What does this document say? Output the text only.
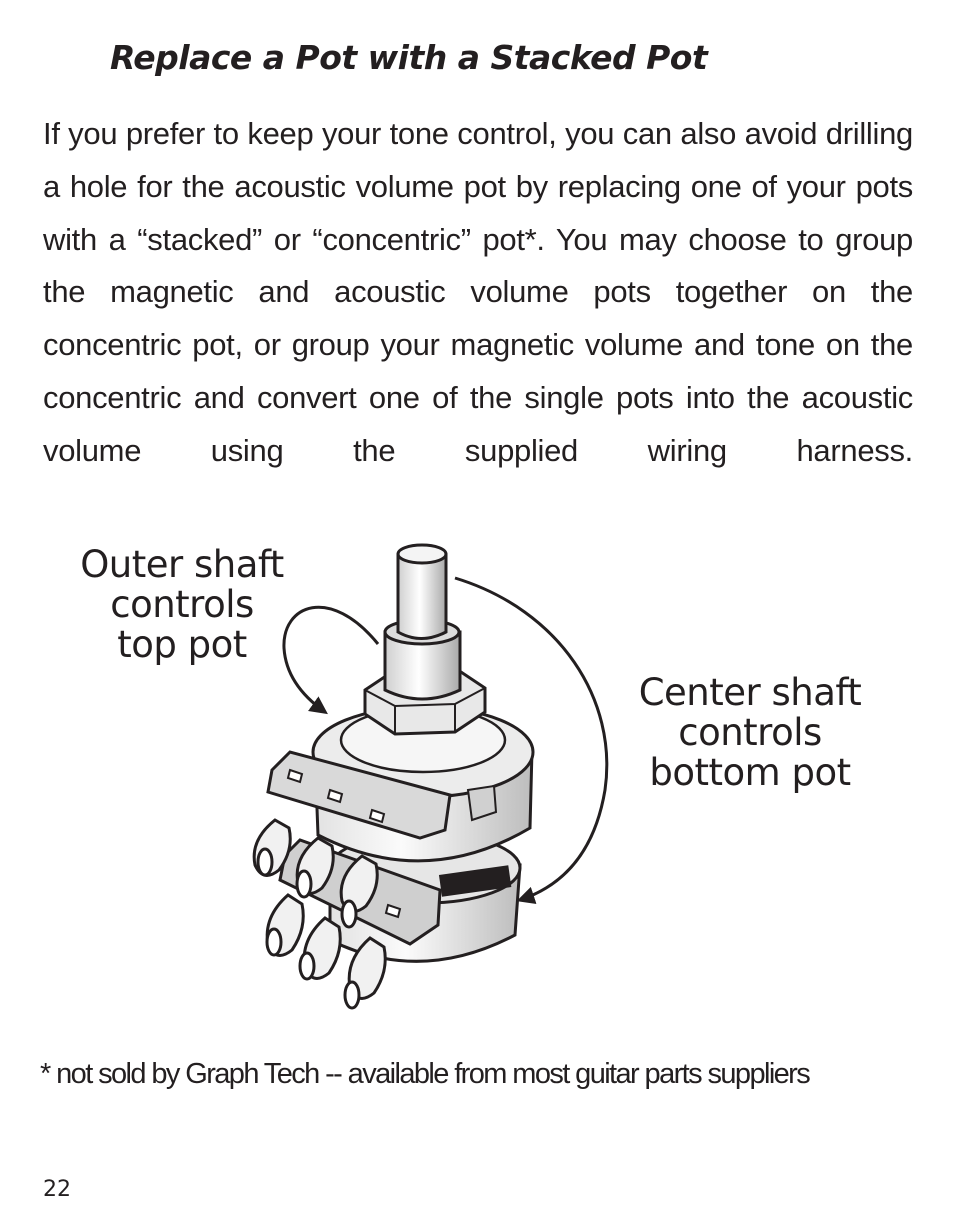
Replace a Pot with a Stacked Pot

If you prefer to keep your tone control, you can also avoid drilling a hole for the acoustic volume pot by replacing one of your pots with a “stacked” or “concentric” pot*. You may choose to group the magnetic and acoustic volume pots together on the concentric pot, or group your magnetic volume and tone on the concentric and convert one of the single pots into the acoustic volume using the supplied wiring harness.

Outer shaft
controls
top pot
Center shaft
controls
bottom pot

* not sold by Graph Tech -- available from most guitar parts suppliers

22
